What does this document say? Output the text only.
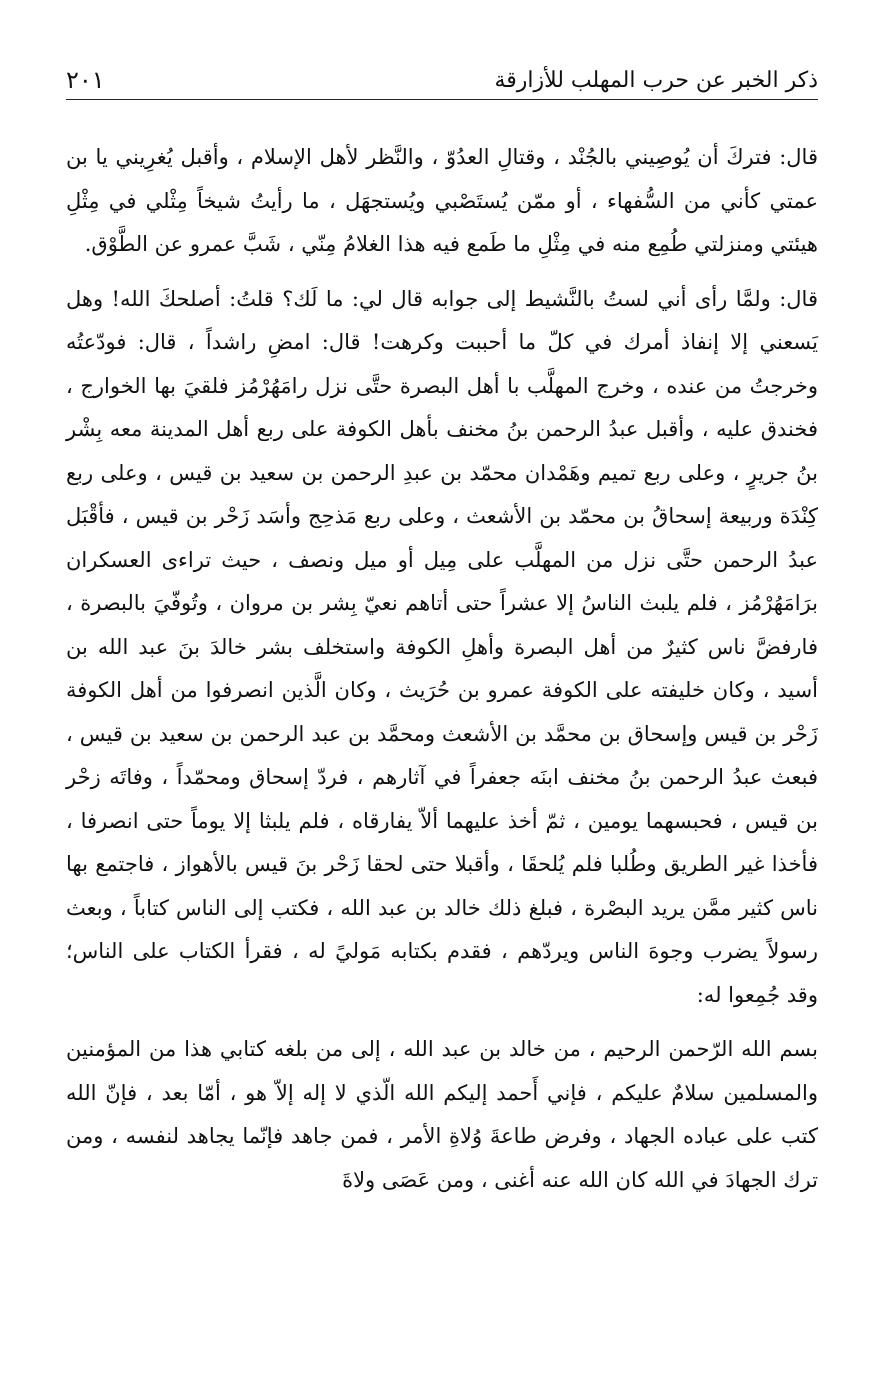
ذكر الخبر عن حرب المهلب للأزارقة
٢٠١

قال: فتركَ أن يُوصِيني بالجُنْد ، وقتالِ العدُوّ ، والنَّظر لأهل الإسلام ، وأقبل يُغرِيني يا بن عمتي كأني من السُّفهاء ، أو ممّن يُستَصْبي ويُستجهَل ، ما رأيتُ شيخاً مِثْلي في مِثْلِ هيئتي ومنزلتي طُمِع منه في مِثْلِ ما طَمع فيه هذا الغلامُ مِنّي ، شَبَّ عمرو عن الطَّوْق.

قال: ولمَّا رأى أني لستُ بالنَّشيط إلى جوابه قال لي: ما لَك؟ قلتُ: أصلحكَ الله! وهل يَسعني إلا إنفاذ أمرك في كلّ ما أحببت وكرهت! قال: امضِ راشداً ، قال: فودّعتُه وخرجتُ من عنده ، وخرج المهلَّب با أهل البصرة حتَّى نزل رامَهُرْمُز فلقيَ بها الخوارج ، فخندق عليه ، وأقبل عبدُ الرحمن بنُ مخنف بأهل الكوفة على ربع أهل المدينة معه بِشْر بنُ جريرٍ ، وعلى ربع تميم وهَمْدان محمّد بن عبدِ الرحمن بن سعيد بن قيس ، وعلى ربع كِنْدَة وربيعة إسحاقُ بن محمّد بن الأشعث ، وعلى ربع مَذحِج وأسَد زَحْر بن قيس ، فأقْبَل عبدُ الرحمن حتَّى نزل من المهلَّب على مِيل أو ميل ونصف ، حيث تراءى العسكران برَامَهُرْمُز ، فلم يلبث الناسُ إلا عشراً حتى أتاهم نعيّ بِشر بن مروان ، وتُوفّيَ بالبصرة ، فارفضَّ ناس كثيرٌ من أهل البصرة وأهلِ الكوفة واستخلف بشر خالدَ بنَ عبد الله بن أسيد ، وكان خليفته على الكوفة عمرو بن حُرَيث ، وكان الَّذين انصرفوا من أهل الكوفة زَحْر بن قيس وإسحاق بن محمَّد بن الأشعث ومحمَّد بن عبد الرحمن بن سعيد بن قيس ، فبعث عبدُ الرحمن بنُ مخنف ابنَه جعفراً في آثارهم ، فردّ إسحاق ومحمّداً ، وفاتَه زحْر بن قيس ، فحبسهما يومين ، ثمّ أخذ عليهما ألاّ يفارقاه ، فلم يلبثا إلا يوماً حتى انصرفا ، فأخذا غير الطريق وطُلبا فلم يُلحقَا ، وأقبلا حتى لحقا زَحْر بنَ قيس بالأهواز ، فاجتمع بها ناس كثير ممَّن يريد البصْرة ، فبلغ ذلك خالد بن عبد الله ، فكتب إلى الناس كتاباً ، وبعث رسولاً يضرب وجوهَ الناس ويردّهم ، فقدم بكتابه مَوليً له ، فقرأ الكتاب على الناس؛ وقد جُمِعوا له:

بسم الله الرّحمن الرحيم ، من خالد بن عبد الله ، إلى من بلغه كتابي هذا من المؤمنين والمسلمين سلامٌ عليكم ، فإني أَحمد إليكم الله الّذي لا إله إلاّ هو ، أمّا بعد ، فإنّ الله كتب على عباده الجهاد ، وفرض طاعةَ وُلاةِ الأمر ، فمن جاهد فإنّما يجاهد لنفسه ، ومن ترك الجهادَ في الله كان الله عنه أغنى ، ومن عَصَى ولاةَ
